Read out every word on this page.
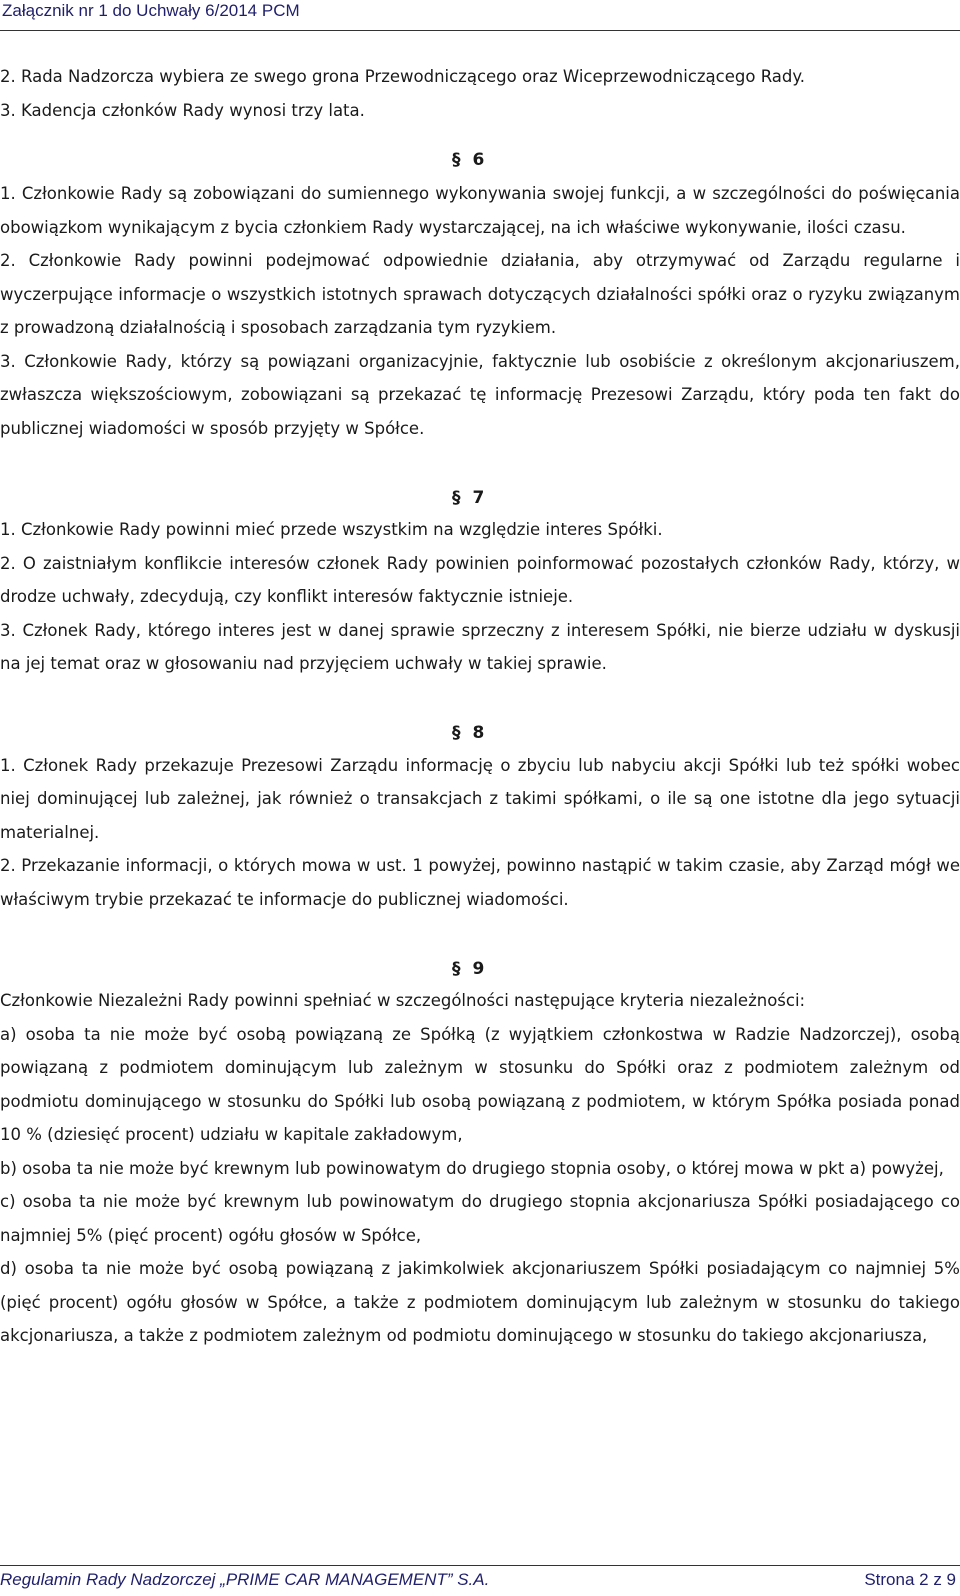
Załącznik nr 1 do Uchwały 6/2014 PCM

2. Rada Nadzorcza wybiera ze swego grona Przewodniczącego oraz Wiceprzewodniczącego Rady.

3. Kadencja członków Rady wynosi trzy lata.

§ 6

1. Członkowie Rady są zobowiązani do sumiennego wykonywania swojej funkcji, a w szczególności do poświęcania obowiązkom wynikającym z bycia członkiem Rady wystarczającej, na ich właściwe wykonywanie, ilości czasu.

2. Członkowie Rady powinni podejmować odpowiednie działania, aby otrzymywać od Zarządu regularne i wyczerpujące informacje o wszystkich istotnych sprawach dotyczących działalności spółki oraz o ryzyku związanym z prowadzoną działalnością i sposobach zarządzania tym ryzykiem.

3. Członkowie Rady, którzy są powiązani organizacyjnie, faktycznie lub osobiście z określonym akcjonariuszem, zwłaszcza większościowym, zobowiązani są przekazać tę informację Prezesowi Zarządu, który poda ten fakt do publicznej wiadomości w sposób przyjęty w Spółce.

§ 7

1. Członkowie Rady powinni mieć przede wszystkim na względzie interes Spółki.

2. O zaistniałym konflikcie interesów członek Rady powinien poinformować pozostałych członków Rady, którzy, w drodze uchwały, zdecydują, czy konflikt interesów faktycznie istnieje.

3. Członek Rady, którego interes jest w danej sprawie sprzeczny z interesem Spółki, nie bierze udziału w dyskusji na jej temat oraz w głosowaniu nad przyjęciem uchwały w takiej sprawie.

§ 8

1. Członek Rady przekazuje Prezesowi Zarządu informację o zbyciu lub nabyciu akcji Spółki lub też spółki wobec niej dominującej lub zależnej, jak również o transakcjach z takimi spółkami, o ile są one istotne dla jego sytuacji materialnej.

2. Przekazanie informacji, o których mowa w ust. 1 powyżej, powinno nastąpić w takim czasie, aby Zarząd mógł we właściwym trybie przekazać te informacje do publicznej wiadomości.

§ 9

Członkowie Niezależni Rady powinni spełniać w szczególności następujące kryteria niezależności:

a) osoba ta nie może być osobą powiązaną ze Spółką (z wyjątkiem członkostwa w Radzie Nadzorczej), osobą powiązaną z podmiotem dominującym lub zależnym w stosunku do Spółki oraz z podmiotem zależnym od podmiotu dominującego w stosunku do Spółki lub osobą powiązaną z podmiotem, w którym Spółka posiada ponad 10 % (dziesięć procent) udziału w kapitale zakładowym,

b) osoba ta nie może być krewnym lub powinowatym do drugiego stopnia osoby, o której mowa w pkt a) powyżej,

c) osoba ta nie może być krewnym lub powinowatym do drugiego stopnia akcjonariusza Spółki posiadającego co najmniej 5% (pięć procent) ogółu głosów w Spółce,

d) osoba ta nie może być osobą powiązaną z jakimkolwiek akcjonariuszem Spółki posiadającym co najmniej 5% (pięć procent) ogółu głosów w Spółce, a także z podmiotem dominującym lub zależnym w stosunku do takiego akcjonariusza, a także z podmiotem zależnym od podmiotu dominującego w stosunku do takiego akcjonariusza,

Regulamin Rady Nadzorczej „PRIME CAR MANAGEMENT” S.A.	Strona 2 z 9
